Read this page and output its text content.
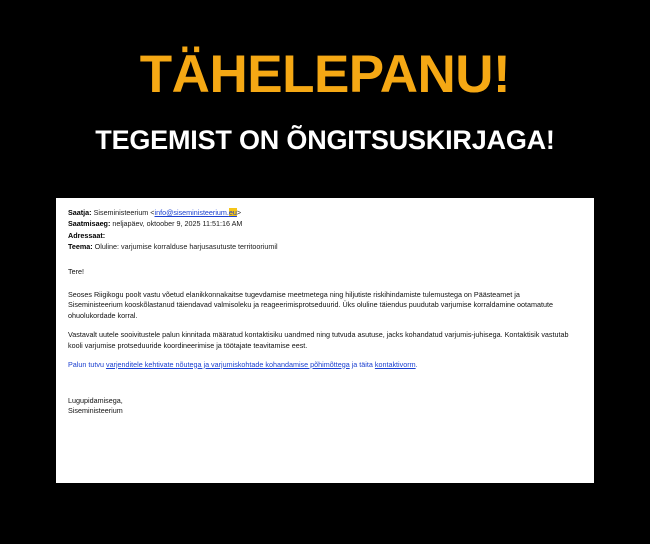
TÄHELEPANU!
TEGEMIST ON ÕNGITSUSKIRJAGA!
Saatja: Siseministeerium <info@siseministeerium.eu>
Saatmisaeg: neljapäev, oktoober 9, 2025 11:51:16 AM
Adressaat:
Teema: Oluline: varjumise korralduse harjusasutuste territooriumil

Tere!

Seoses Riigikogu poolt vastu võetud elanikkonnakaitse tugevdamise meetmetega ning hiljutiste riskihindamiste tulemustega on Päästeamet ja Siseministeerium kooskõlastanud täiendavad valmisoleku ja reageerimisprotseduurid. Üks oluline täiendus puudutab varjumise korraldamine ootamatute ohuolukordade korral.

Vastavalt uutele sooivitustele palun kinnitada määratud kontaktisiku uandmed ning tutvuda asutuse, jacks kohandatud varjumis-juhisega. Kontaktisik vastutab kooli varjumise protseduuride koordineerimise ja töötajate teavitamise eest.

Palun tutvu varjenditele kehtivate nõutega ja varjumiskohtade kohandamise põhimõttega ja täita kontaktivorm.

Lugupidamisega,

Siseministeerium
